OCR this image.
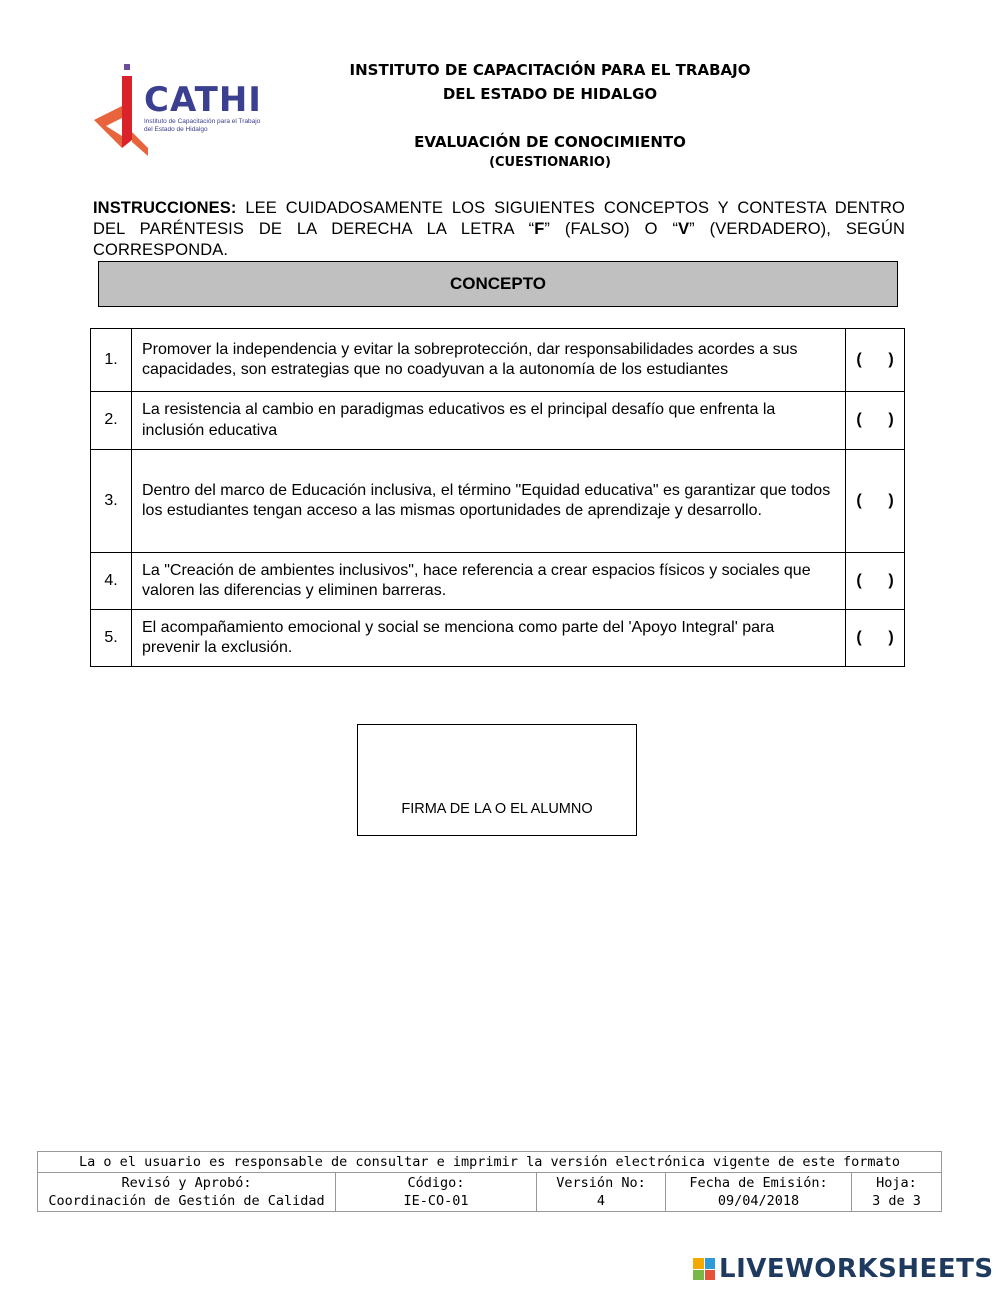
CATHI
Instituto de Capacitación para el Trabajo del Estado de Hidalgo
INSTITUTO DE CAPACITACIÓN PARA EL TRABAJO
DEL ESTADO DE HIDALGO
EVALUACIÓN DE CONOCIMIENTO
(CUESTIONARIO)
INSTRUCCIONES: LEE CUIDADOSAMENTE LOS SIGUIENTES CONCEPTOS Y CONTESTA DENTRO DEL PARÉNTESIS DE LA DERECHA LA LETRA “F” (FALSO) O “V” (VERDADERO), SEGÚN CORRESPONDA.
CONCEPTO
1.	Promover la independencia y evitar la sobreprotección, dar responsabilidades acordes a sus capacidades, son estrategias que no coadyuvan a la autonomía de los estudiantes	(      )
2.	La resistencia al cambio en paradigmas educativos es el principal desafío que enfrenta la inclusión educativa	(      )
3.	Dentro del marco de Educación inclusiva, el término "Equidad educativa" es garantizar que todos los estudiantes tengan acceso a las mismas oportunidades de aprendizaje y desarrollo.	(      )
4.	La "Creación de ambientes inclusivos", hace referencia a crear espacios físicos y sociales que valoren las diferencias y eliminen barreras.	(      )
5.	El acompañamiento emocional y social se menciona como parte del 'Apoyo Integral' para prevenir la exclusión.	(      )
FIRMA DE LA O EL ALUMNO
La o el usuario es responsable de consultar e imprimir la versión electrónica vigente de este formato

Revisó y Aprobó:
Coordinación de Gestión de Calidad

Código:
IE-CO-01

Versión No:
4

Fecha de Emisión:
09/04/2018

Hoja:
3 de 3
LIVEWORKSHEETS
